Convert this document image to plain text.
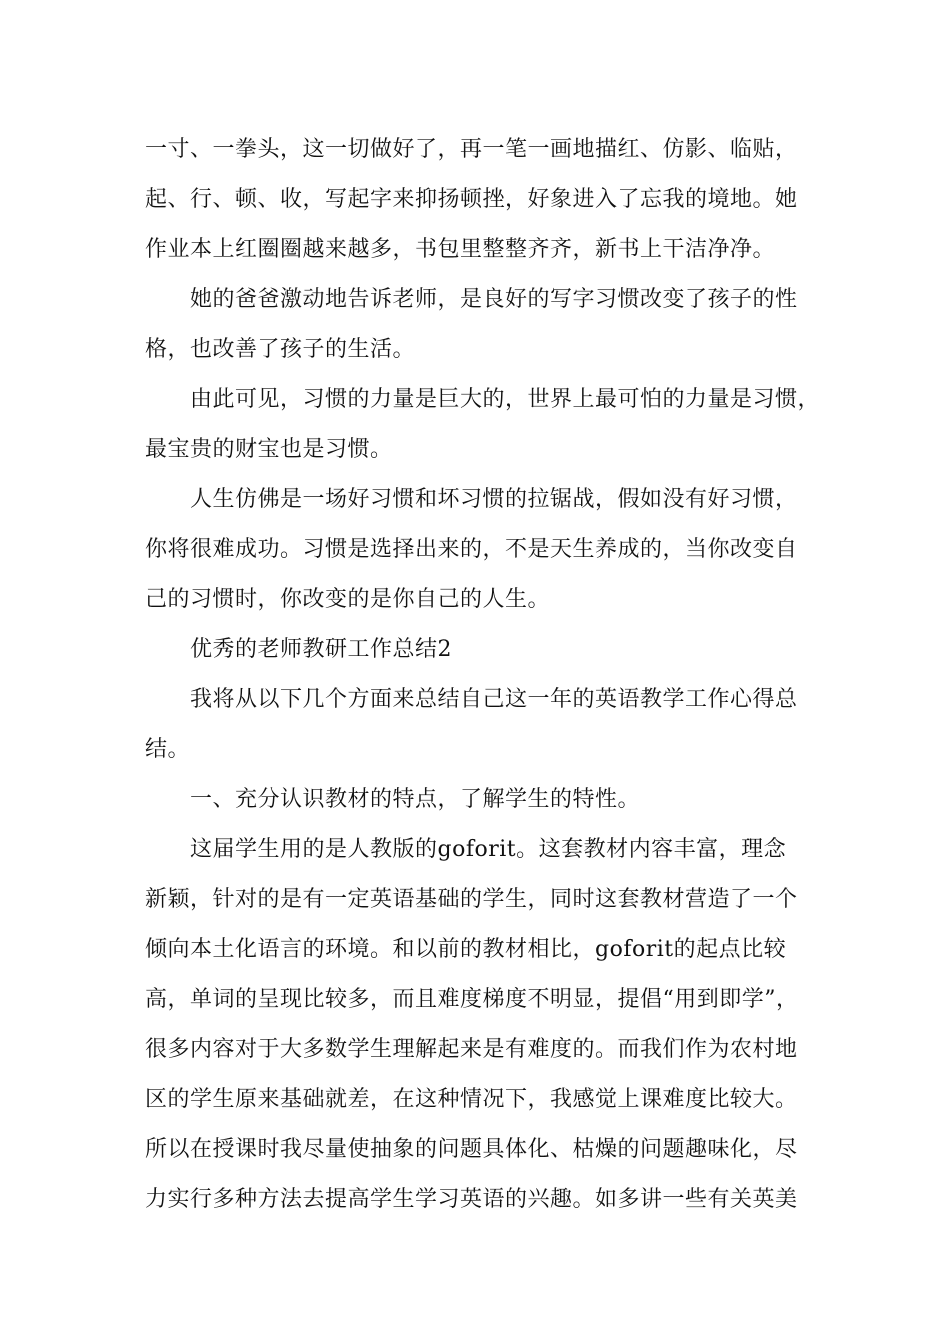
一寸、一拳头，这一切做好了，再一笔一画地描红、仿影、临贴，

起、行、顿、收，写起字来抑扬顿挫，好象进入了忘我的境地。她

作业本上红圈圈越来越多，书包里整整齐齐，新书上干洁净净。

她的爸爸激动地告诉老师，是良好的写字习惯改变了孩子的性

格，也改善了孩子的生活。

由此可见，习惯的力量是巨大的，世界上最可怕的力量是习惯，

最宝贵的财宝也是习惯。

人生仿佛是一场好习惯和坏习惯的拉锯战，假如没有好习惯，

你将很难成功。习惯是选择出来的，不是天生养成的，当你改变自

己的习惯时，你改变的是你自己的人生。

优秀的老师教研工作总结2

我将从以下几个方面来总结自己这一年的英语教学工作心得总

结。

一、充分认识教材的特点，了解学生的特性。

这届学生用的是人教版的goforit。这套教材内容丰富，理念

新颖，针对的是有一定英语基础的学生，同时这套教材营造了一个

倾向本土化语言的环境。和以前的教材相比，goforit的起点比较

高，单词的呈现比较多，而且难度梯度不明显，提倡“用到即学”，

很多内容对于大多数学生理解起来是有难度的。而我们作为农村地

区的学生原来基础就差，在这种情况下，我感觉上课难度比较大。

所以在授课时我尽量使抽象的问题具体化、枯燥的问题趣味化，尽

力实行多种方法去提高学生学习英语的兴趣。如多讲一些有关英美
